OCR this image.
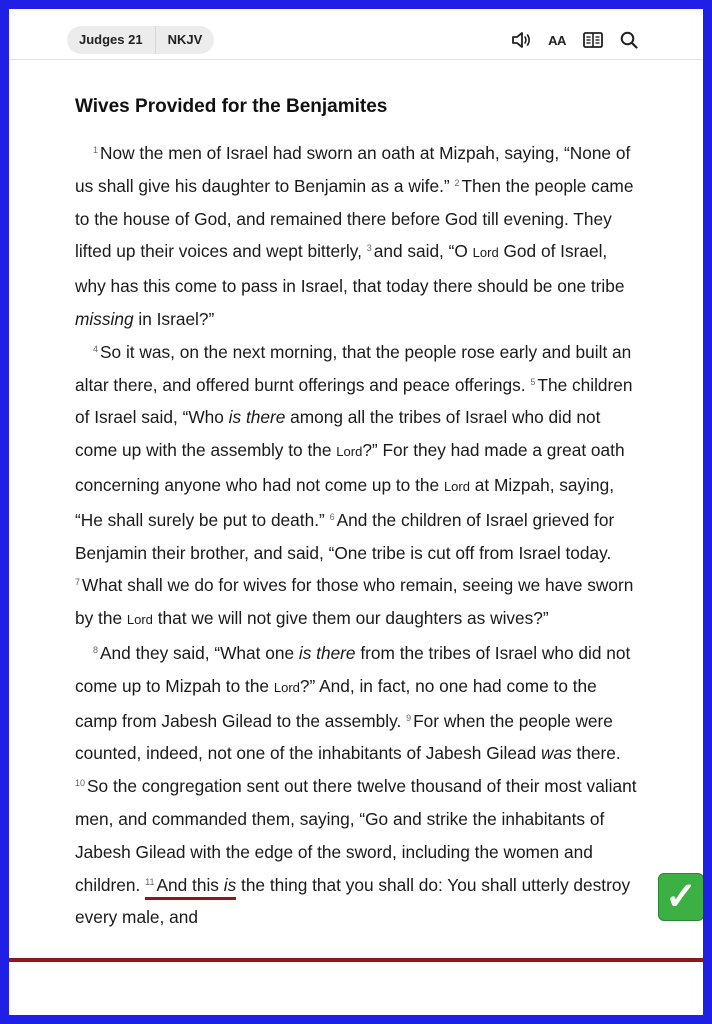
Judges 21	NKJV	AA
Wives Provided for the Benjamites

$^1$ Now the men of Israel had sworn an oath at Mizpah, saying, “None of us shall give his daughter to Benjamin as a wife.” $^2$ Then the people came to the house of God, and remained there before God till evening. They lifted up their voices and wept bitterly, $^3$ and said, “O Lord God of Israel, why has this come to pass in Israel, that today there should be one tribe missing in Israel?”

$^4$ So it was, on the next morning, that the people rose early and built an altar there, and offered burnt offerings and peace offerings. $^5$ The children of Israel said, “Who is there among all the tribes of Israel who did not come up with the assembly to the Lord?” For they had made a great oath concerning anyone who had not come up to the Lord at Mizpah, saying, “He shall surely be put to death.” $^6$ And the children of Israel grieved for Benjamin their brother, and said, “One tribe is cut off from Israel today. $^7$ What shall we do for wives for those who remain, seeing we have sworn by the Lord that we will not give them our daughters as wives?”

$^8$ And they said, “What one is there from the tribes of Israel who did not come up to Mizpah to the Lord?” And, in fact, no one had come to the camp from Jabesh Gilead to the assembly. $^9$ For when the people were counted, indeed, not one of the inhabitants of Jabesh Gilead was there. $^{10}$ So the congregation sent out there twelve thousand of their most valiant men, and commanded them, saying, “Go and strike the inhabitants of Jabesh Gilead with the edge of the sword, including the women and children. $^{11}$ And this is the thing that you shall do: You shall utterly destroy every male, and	✓
